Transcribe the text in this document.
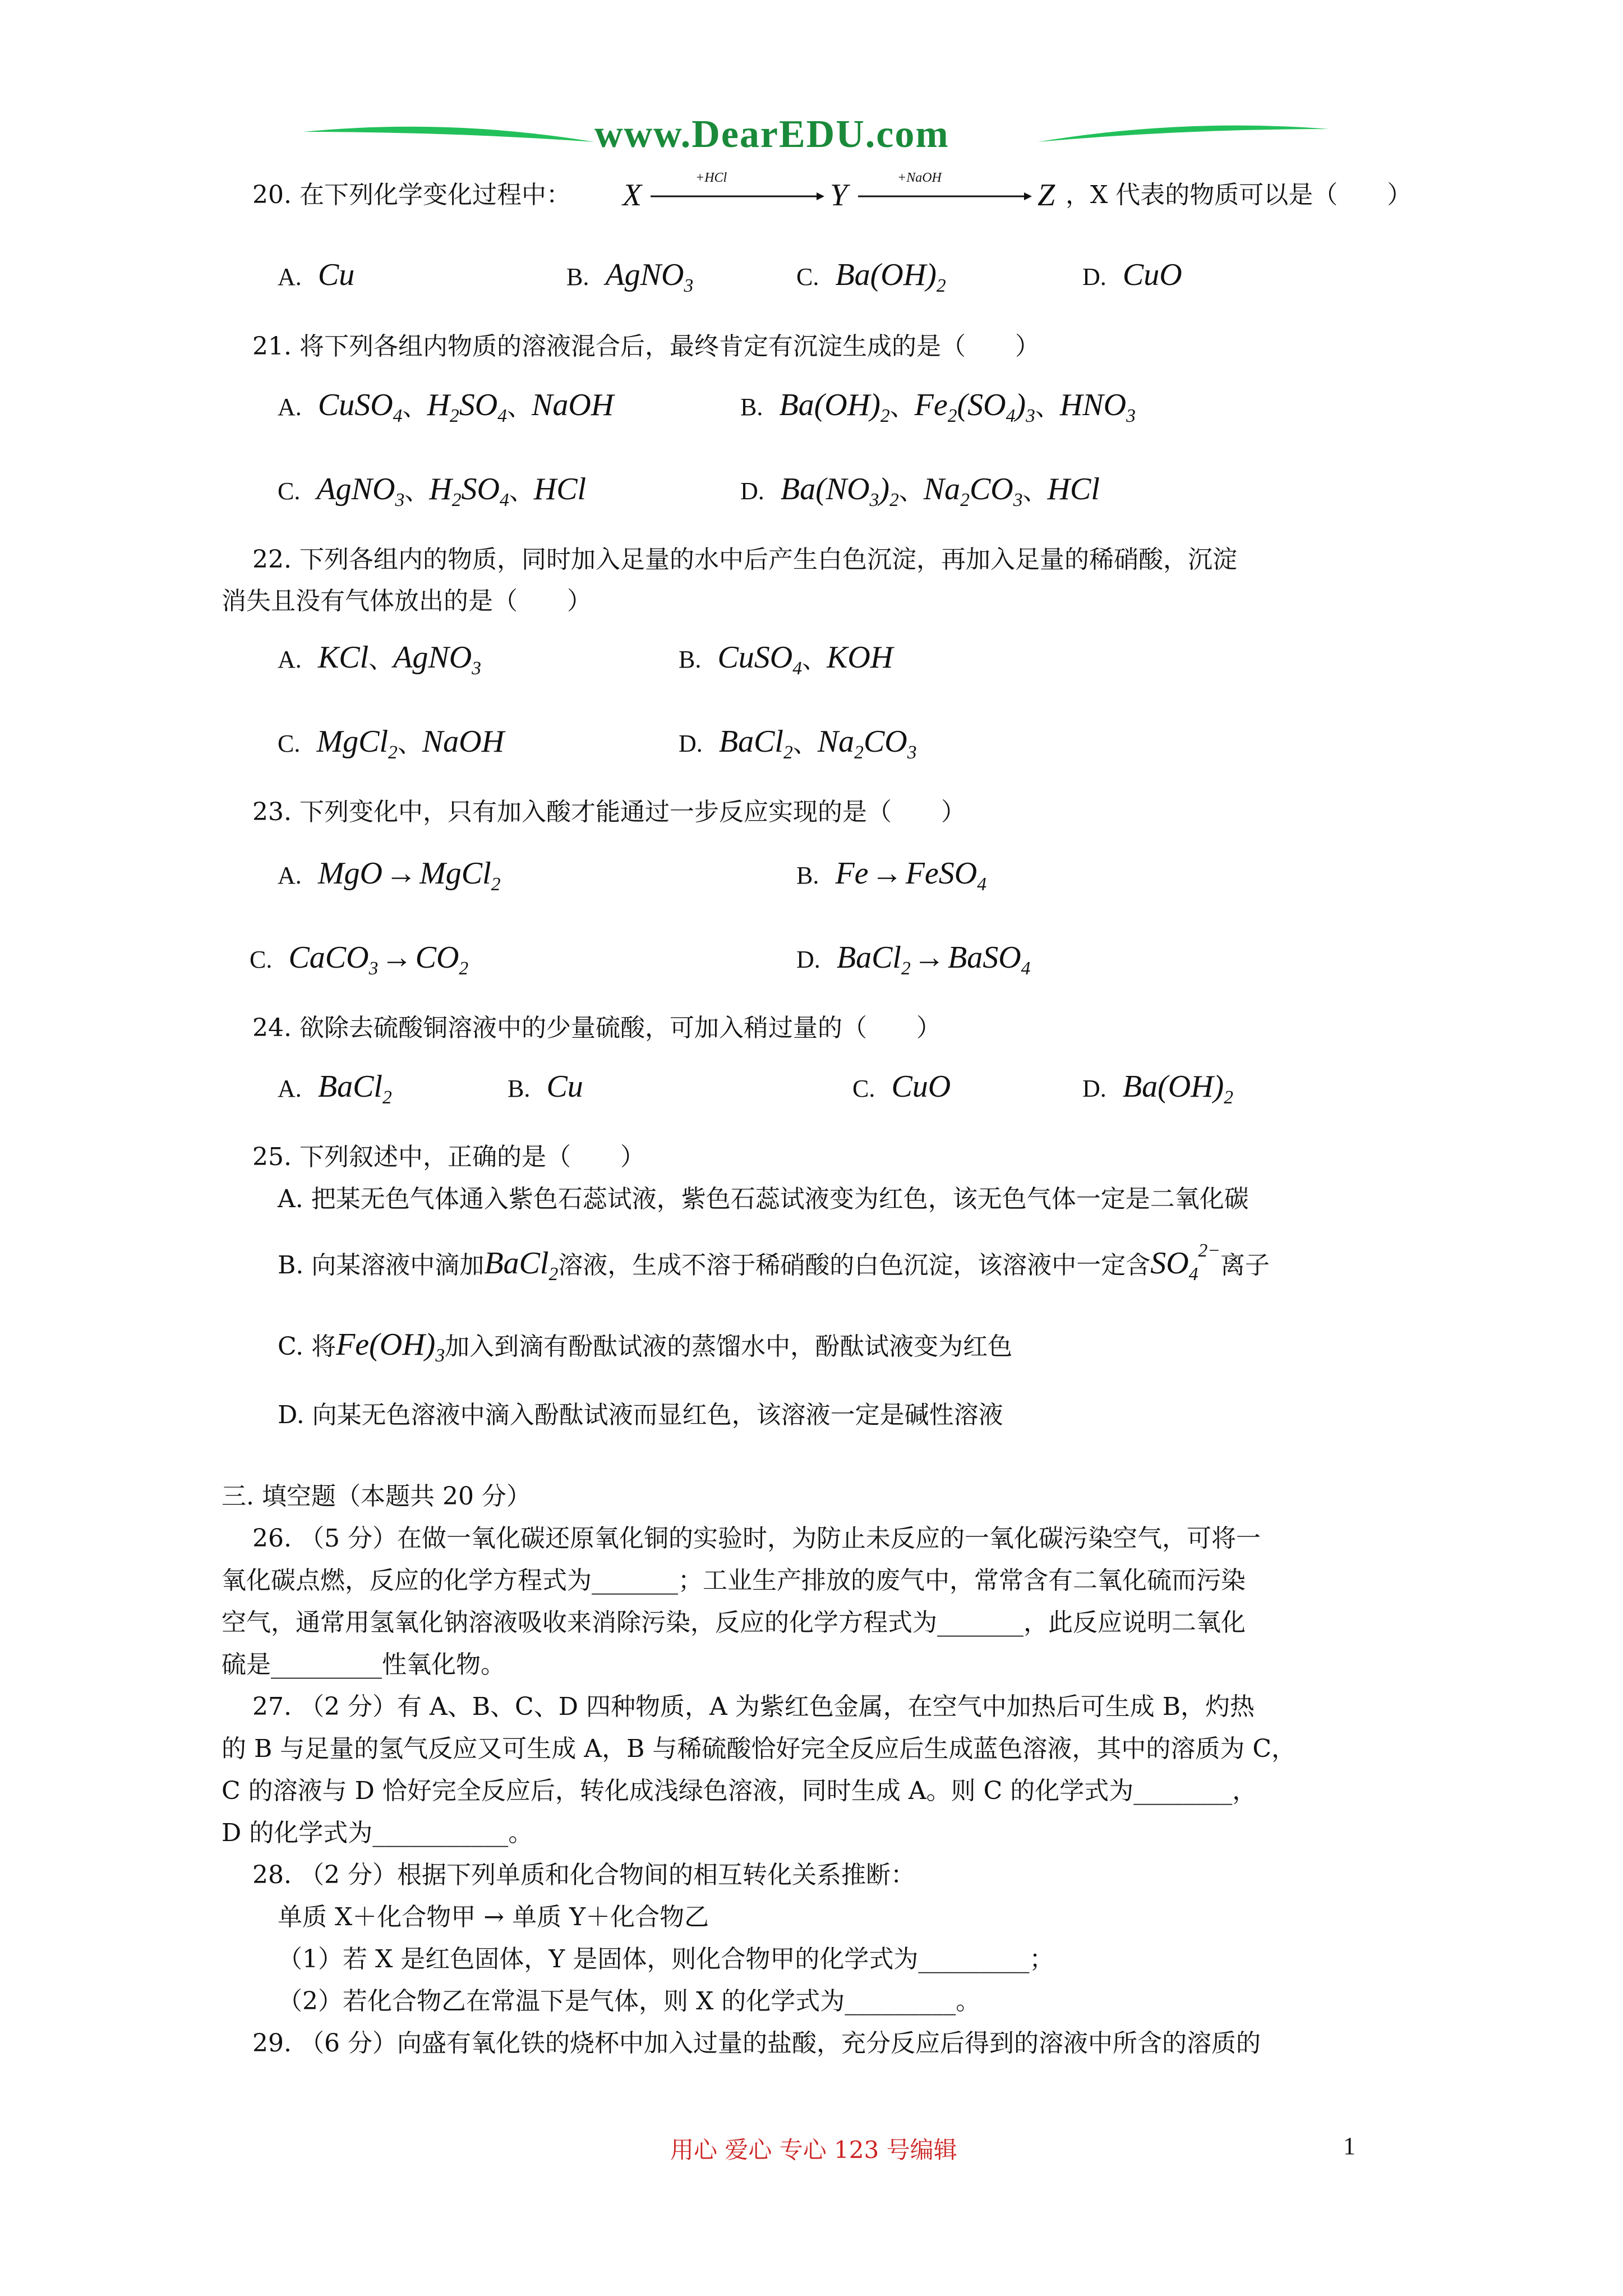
www.DearEDU.com
20. 在下列化学变化过程中： X	+HCl	Y	+NaOH	Z ，X 代表的物质可以是（　　）
A. Cu	B. AgNO$_3$	C. $Ba(OH)_2$	D. CuO
21. 将下列各组内物质的溶液混合后，最终肯定有沉淀生成的是（　　）
A. CuSO$_4$、$H_2SO_4$、NaOH	B. $Ba(OH)_2$、$Fe_2(SO_4)_3$、$HNO_3$
C. AgNO$_3$、$H_2SO_4$、HCl	D. $Ba(NO_3)_2$、$Na_2CO_3$、HCl
22. 下列各组内的物质，同时加入足量的水中后产生白色沉淀，再加入足量的稀硝酸，沉淀
消失且没有气体放出的是（　　）
A. KCl、AgNO$_3$	B. CuSO$_4$、KOH
C. MgCl$_2$、NaOH	D. BaCl$_2$、$Na_2CO_3$
23. 下列变化中，只有加入酸才能通过一步反应实现的是（　　）
A. MgO → MgCl$_2$	B. Fe → FeSO$_4$
C. CaCO$_3$ → $CO_2$	D. BaCl$_2$ → BaSO$_4$
24. 欲除去硫酸铜溶液中的少量硫酸，可加入稍过量的（　　）
A. BaCl$_2$	B. Cu	C. CuO	D. $Ba(OH)_2$
25. 下列叙述中，正确的是（　　）
A. 把某无色气体通入紫色石蕊试液，紫色石蕊试液变为红色，该无色气体一定是二氧化碳
B. 向某溶液中滴加BaCl$_2$溶液，生成不溶于稀硝酸的白色沉淀，该溶液中一定含$SO_4^{2-}$离子
C. 将$Fe(OH)_3$加入到滴有酚酞试液的蒸馏水中，酚酞试液变为红色
D. 向某无色溶液中滴入酚酞试液而显红色，该溶液一定是碱性溶液
三. 填空题（本题共 20 分）
26. （5 分）在做一氧化碳还原氧化铜的实验时，为防止未反应的一氧化碳污染空气，可将一
氧化碳点燃，反应的化学方程式为_______；工业生产排放的废气中，常常含有二氧化硫而污染
空气，通常用氢氧化钠溶液吸收来消除污染，反应的化学方程式为_______，此反应说明二氧化
硫是_________性氧化物。
27. （2 分）有 A、B、C、D 四种物质，A 为紫红色金属，在空气中加热后可生成 B，灼热
的 B 与足量的氢气反应又可生成 A，B 与稀硫酸恰好完全反应后生成蓝色溶液，其中的溶质为 C，
C 的溶液与 D 恰好完全反应后，转化成浅绿色溶液，同时生成 A。则 C 的化学式为________，
D 的化学式为___________。
28. （2 分）根据下列单质和化合物间的相互转化关系推断：
单质 X＋化合物甲 → 单质 Y＋化合物乙
（1）若 X 是红色固体，Y 是固体，则化合物甲的化学式为_________；
（2）若化合物乙在常温下是气体，则 X 的化学式为_________。
29. （6 分）向盛有氧化铁的烧杯中加入过量的盐酸，充分反应后得到的溶液中所含的溶质的
用心 爱心 专心 123 号编辑	1
